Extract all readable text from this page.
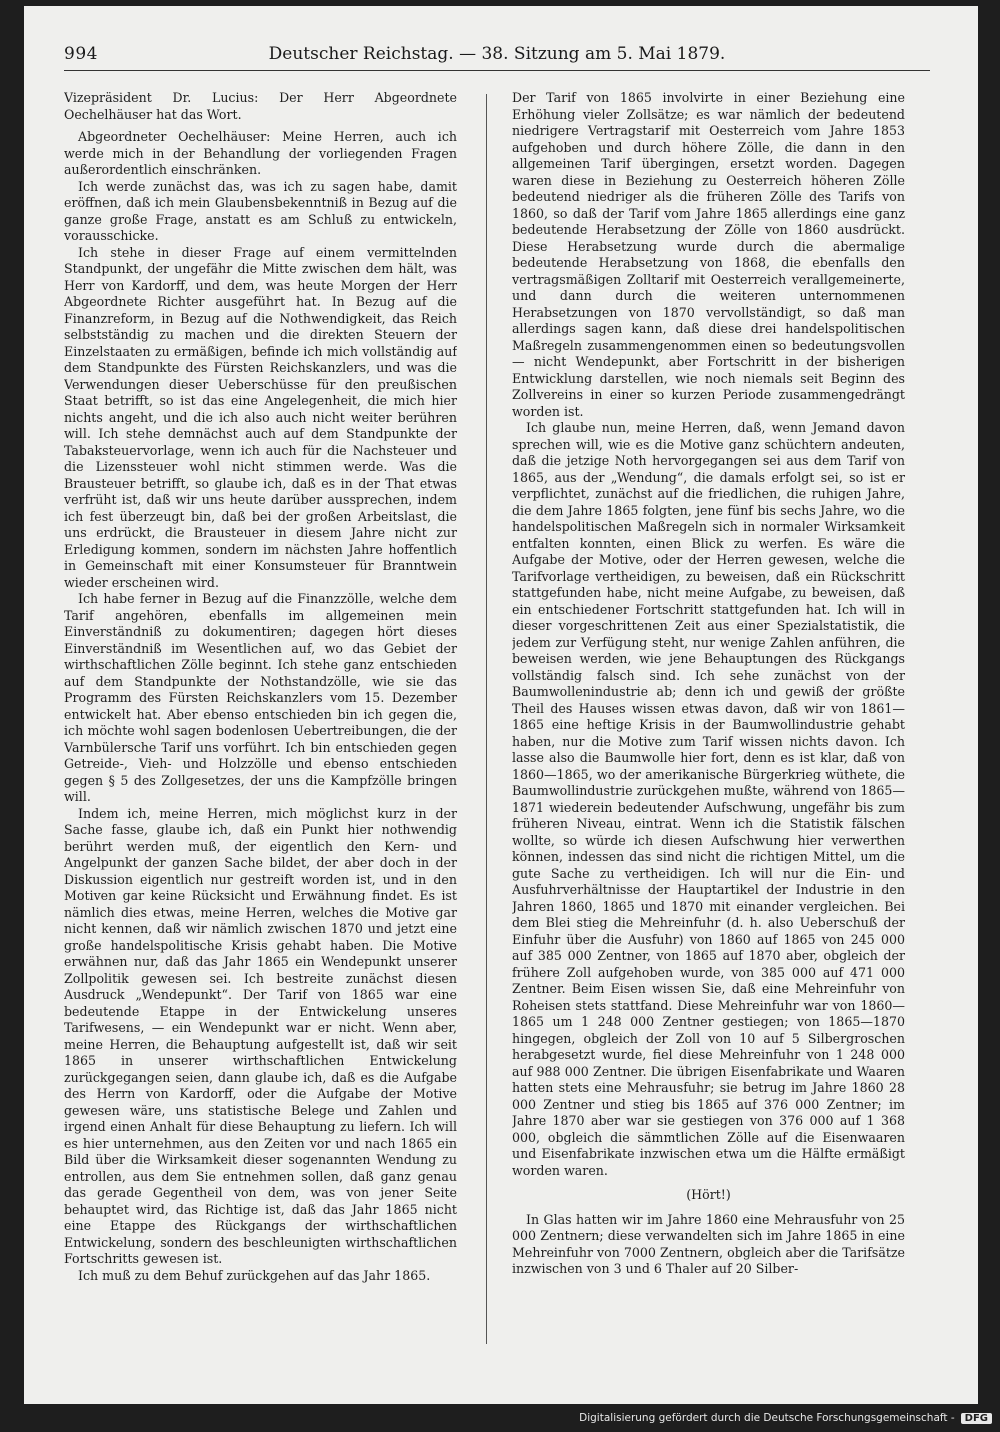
994	Deutscher Reichstag. — 38. Sitzung am 5. Mai 1879.

Vizepräsident Dr. Lucius: Der Herr Abgeordnete Oechelhäuser hat das Wort.

Abgeordneter Oechelhäuser: Meine Herren, auch ich werde mich in der Behandlung der vorliegenden Fragen außerordentlich einschränken.

Ich werde zunächst das, was ich zu sagen habe, damit eröffnen, daß ich mein Glaubensbekenntniß in Bezug auf die ganze große Frage, anstatt es am Schluß zu entwickeln, vorausschicke.

Ich stehe in dieser Frage auf einem vermittelnden Standpunkt, der ungefähr die Mitte zwischen dem hält, was Herr von Kardorff, und dem, was heute Morgen der Herr Abgeordnete Richter ausgeführt hat. In Bezug auf die Finanzreform, in Bezug auf die Nothwendigkeit, das Reich selbstständig zu machen und die direkten Steuern der Einzelstaaten zu ermäßigen, befinde ich mich vollständig auf dem Standpunkte des Fürsten Reichskanzlers, und was die Verwendungen dieser Ueberschüsse für den preußischen Staat betrifft, so ist das eine Angelegenheit, die mich hier nichts angeht, und die ich also auch nicht weiter berühren will. Ich stehe demnächst auch auf dem Standpunkte der Tabaksteuervorlage, wenn ich auch für die Nachsteuer und die Lizenssteuer wohl nicht stimmen werde. Was die Brausteuer betrifft, so glaube ich, daß es in der That etwas verfrüht ist, daß wir uns heute darüber aussprechen, indem ich fest überzeugt bin, daß bei der großen Arbeitslast, die uns erdrückt, die Brausteuer in diesem Jahre nicht zur Erledigung kommen, sondern im nächsten Jahre hoffentlich in Gemeinschaft mit einer Konsumsteuer für Branntwein wieder erscheinen wird.

Ich habe ferner in Bezug auf die Finanzzölle, welche dem Tarif angehören, ebenfalls im allgemeinen mein Einverständniß zu dokumentiren; dagegen hört dieses Einverständniß im Wesentlichen auf, wo das Gebiet der wirthschaftlichen Zölle beginnt. Ich stehe ganz entschieden auf dem Standpunkte der Nothstandzölle, wie sie das Programm des Fürsten Reichskanzlers vom 15. Dezember entwickelt hat. Aber ebenso entschieden bin ich gegen die, ich möchte wohl sagen bodenlosen Uebertreibungen, die der Varnbülersche Tarif uns vorführt. Ich bin entschieden gegen Getreide-, Vieh- und Holzzölle und ebenso entschieden gegen § 5 des Zollgesetzes, der uns die Kampfzölle bringen will.

Indem ich, meine Herren, mich möglichst kurz in der Sache fasse, glaube ich, daß ein Punkt hier nothwendig berührt werden muß, der eigentlich den Kern- und Angelpunkt der ganzen Sache bildet, der aber doch in der Diskussion eigentlich nur gestreift worden ist, und in den Motiven gar keine Rücksicht und Erwähnung findet. Es ist nämlich dies etwas, meine Herren, welches die Motive gar nicht kennen, daß wir nämlich zwischen 1870 und jetzt eine große handelspolitische Krisis gehabt haben. Die Motive erwähnen nur, daß das Jahr 1865 ein Wendepunkt unserer Zollpolitik gewesen sei. Ich bestreite zunächst diesen Ausdruck „Wendepunkt“. Der Tarif von 1865 war eine bedeutende Etappe in der Entwickelung unseres Tarifwesens, — ein Wendepunkt war er nicht. Wenn aber, meine Herren, die Behauptung aufgestellt ist, daß wir seit 1865 in unserer wirthschaftlichen Entwickelung zurückgegangen seien, dann glaube ich, daß es die Aufgabe des Herrn von Kardorff, oder die Aufgabe der Motive gewesen wäre, uns statistische Belege und Zahlen und irgend einen Anhalt für diese Behauptung zu liefern. Ich will es hier unternehmen, aus den Zeiten vor und nach 1865 ein Bild über die Wirksamkeit dieser sogenannten Wendung zu entrollen, aus dem Sie entnehmen sollen, daß ganz genau das gerade Gegentheil von dem, was von jener Seite behauptet wird, das Richtige ist, daß das Jahr 1865 nicht eine Etappe des Rückgangs der wirthschaftlichen Entwickelung, sondern des beschleunigten wirthschaftlichen Fortschritts gewesen ist.

Ich muß zu dem Behuf zurückgehen auf das Jahr 1865.

Der Tarif von 1865 involvirte in einer Beziehung eine Erhöhung vieler Zollsätze; es war nämlich der bedeutend niedrigere Vertragstarif mit Oesterreich vom Jahre 1853 aufgehoben und durch höhere Zölle, die dann in den allgemeinen Tarif übergingen, ersetzt worden. Dagegen waren diese in Beziehung zu Oesterreich höheren Zölle bedeutend niedriger als die früheren Zölle des Tarifs von 1860, so daß der Tarif vom Jahre 1865 allerdings eine ganz bedeutende Herabsetzung der Zölle von 1860 ausdrückt. Diese Herabsetzung wurde durch die abermalige bedeutende Herabsetzung von 1868, die ebenfalls den vertragsmäßigen Zolltarif mit Oesterreich verallgemeinerte, und dann durch die weiteren unternommenen Herabsetzungen von 1870 vervollständigt, so daß man allerdings sagen kann, daß diese drei handelspolitischen Maßregeln zusammengenommen einen so bedeutungsvollen — nicht Wendepunkt, aber Fortschritt in der bisherigen Entwicklung darstellen, wie noch niemals seit Beginn des Zollvereins in einer so kurzen Periode zusammengedrängt worden ist.

Ich glaube nun, meine Herren, daß, wenn Jemand davon sprechen will, wie es die Motive ganz schüchtern andeuten, daß die jetzige Noth hervorgegangen sei aus dem Tarif von 1865, aus der „Wendung“, die damals erfolgt sei, so ist er verpflichtet, zunächst auf die friedlichen, die ruhigen Jahre, die dem Jahre 1865 folgten, jene fünf bis sechs Jahre, wo die handelspolitischen Maßregeln sich in normaler Wirksamkeit entfalten konnten, einen Blick zu werfen. Es wäre die Aufgabe der Motive, oder der Herren gewesen, welche die Tarifvorlage vertheidigen, zu beweisen, daß ein Rückschritt stattgefunden habe, nicht meine Aufgabe, zu beweisen, daß ein entschiedener Fortschritt stattgefunden hat. Ich will in dieser vorgeschrittenen Zeit aus einer Spezialstatistik, die jedem zur Verfügung steht, nur wenige Zahlen anführen, die beweisen werden, wie jene Behauptungen des Rückgangs vollständig falsch sind. Ich sehe zunächst von der Baumwollenindustrie ab; denn ich und gewiß der größte Theil des Hauses wissen etwas davon, daß wir von 1861—1865 eine heftige Krisis in der Baumwollindustrie gehabt haben, nur die Motive zum Tarif wissen nichts davon. Ich lasse also die Baumwolle hier fort, denn es ist klar, daß von 1860—1865, wo der amerikanische Bürgerkrieg wüthete, die Baumwollindustrie zurückgehen mußte, während von 1865—1871 wiederein bedeutender Aufschwung, ungefähr bis zum früheren Niveau, eintrat. Wenn ich die Statistik fälschen wollte, so würde ich diesen Aufschwung hier verwerthen können, indessen das sind nicht die richtigen Mittel, um die gute Sache zu vertheidigen. Ich will nur die Ein- und Ausfuhrverhältnisse der Hauptartikel der Industrie in den Jahren 1860, 1865 und 1870 mit einander vergleichen. Bei dem Blei stieg die Mehreinfuhr (d. h. also Ueberschuß der Einfuhr über die Ausfuhr) von 1860 auf 1865 von 245 000 auf 385 000 Zentner, von 1865 auf 1870 aber, obgleich der frühere Zoll aufgehoben wurde, von 385 000 auf 471 000 Zentner. Beim Eisen wissen Sie, daß eine Mehreinfuhr von Roheisen stets stattfand. Diese Mehreinfuhr war von 1860—1865 um 1 248 000 Zentner gestiegen; von 1865—1870 hingegen, obgleich der Zoll von 10 auf 5 Silbergroschen herabgesetzt wurde, fiel diese Mehreinfuhr von 1 248 000 auf 988 000 Zentner. Die übrigen Eisenfabrikate und Waaren hatten stets eine Mehrausfuhr; sie betrug im Jahre 1860 28 000 Zentner und stieg bis 1865 auf 376 000 Zentner; im Jahre 1870 aber war sie gestiegen von 376 000 auf 1 368 000, obgleich die sämmtlichen Zölle auf die Eisenwaaren und Eisenfabrikate inzwischen etwa um die Hälfte ermäßigt worden waren.

(Hört!)

In Glas hatten wir im Jahre 1860 eine Mehrausfuhr von 25 000 Zentnern; diese verwandelten sich im Jahre 1865 in eine Mehreinfuhr von 7000 Zentnern, obgleich aber die Tarifsätze inzwischen von 3 und 6 Thaler auf 20 Silber-

Digitalisierung gefördert durch die Deutsche Forschungsgemeinschaft -	DFG
